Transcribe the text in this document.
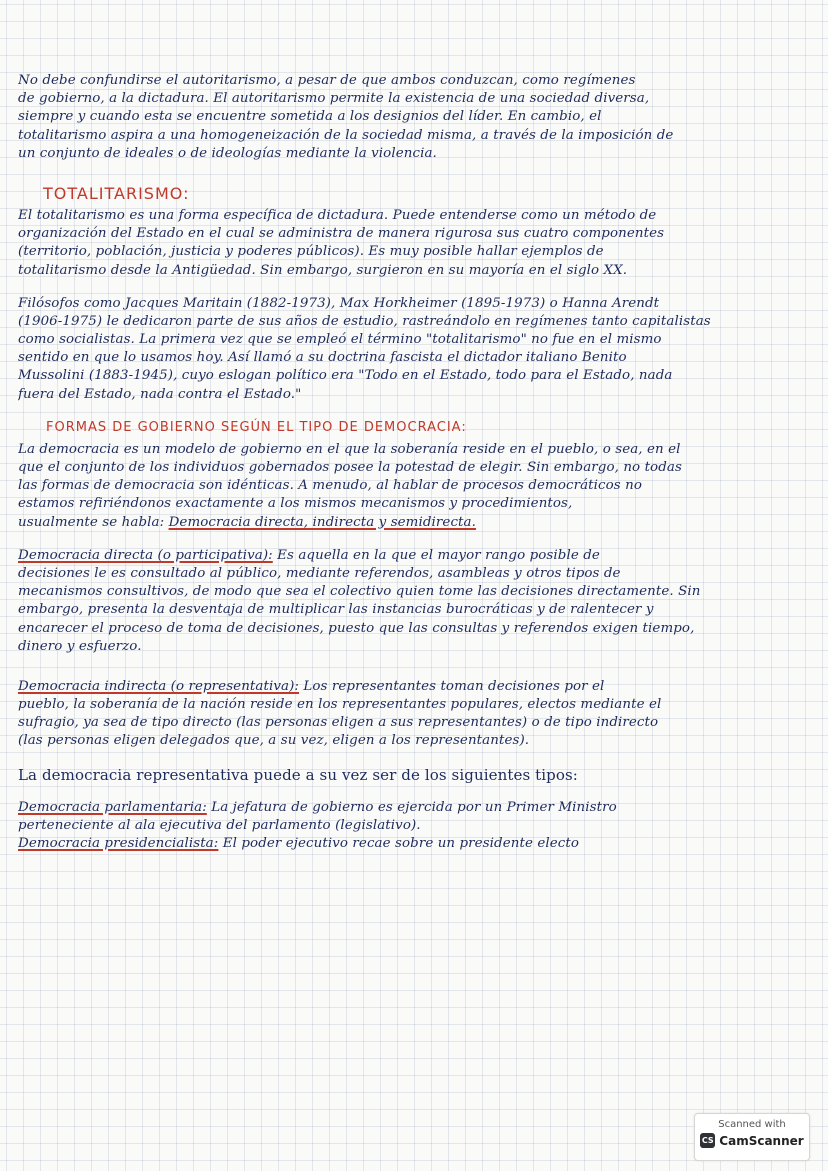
No debe confundirse el autoritarismo, a pesar de que ambos conduzcan, como regímenes
de gobierno, a la dictadura. El autoritarismo permite la existencia de una sociedad diversa,
siempre y cuando esta se encuentre sometida a los designios del líder. En cambio, el
totalitarismo aspira a una homogeneización de la sociedad misma, a través de la imposición de
un conjunto de ideales o de ideologías mediante la violencia.
TOTALITARISMO:
El totalitarismo es una forma específica de dictadura. Puede entenderse como un método de
organización del Estado en el cual se administra de manera rigurosa sus cuatro componentes
(territorio, población, justicia y poderes públicos). Es muy posible hallar ejemplos de
totalitarismo desde la Antigüedad. Sin embargo, surgieron en su mayoría en el siglo XX.
Filósofos como Jacques Maritain (1882-1973), Max Horkheimer (1895-1973) o Hanna Arendt
(1906-1975) le dedicaron parte de sus años de estudio, rastreándolo en regímenes tanto capitalistas
como socialistas. La primera vez que se empleó el término "totalitarismo" no fue en el mismo
sentido en que lo usamos hoy. Así llamó a su doctrina fascista el dictador italiano Benito
Mussolini (1883-1945), cuyo eslogan político era "Todo en el Estado, todo para el Estado, nada
fuera del Estado, nada contra el Estado."
FORMAS DE GOBIERNO SEGÚN EL TIPO DE DEMOCRACIA:
La democracia es un modelo de gobierno en el que la soberanía reside en el pueblo, o sea, en el
que el conjunto de los individuos gobernados posee la potestad de elegir. Sin embargo, no todas
las formas de democracia son idénticas. A menudo, al hablar de procesos democráticos no
estamos refiriéndonos exactamente a los mismos mecanismos y procedimientos,
usualmente se habla: Democracia directa, indirecta y semidirecta.
Democracia directa (o participativa): Es aquella en la que el mayor rango posible de
decisiones le es consultado al público, mediante referendos, asambleas y otros tipos de
mecanismos consultivos, de modo que sea el colectivo quien tome las decisiones directamente. Sin
embargo, presenta la desventaja de multiplicar las instancias burocráticas y de ralentecer y
encarecer el proceso de toma de decisiones, puesto que las consultas y referendos exigen tiempo,
dinero y esfuerzo.
Democracia indirecta (o representativa): Los representantes toman decisiones por el
pueblo, la soberanía de la nación reside en los representantes populares, electos mediante el
sufragio, ya sea de tipo directo (las personas eligen a sus representantes) o de tipo indirecto
(las personas eligen delegados que, a su vez, eligen a los representantes).
La democracia representativa puede a su vez ser de los siguientes tipos:
Democracia parlamentaria: La jefatura de gobierno es ejercida por un Primer Ministro
perteneciente al ala ejecutiva del parlamento (legislativo).
Democracia presidencialista: El poder ejecutivo recae sobre un presidente electo
Scanned with
CS CamScanner
